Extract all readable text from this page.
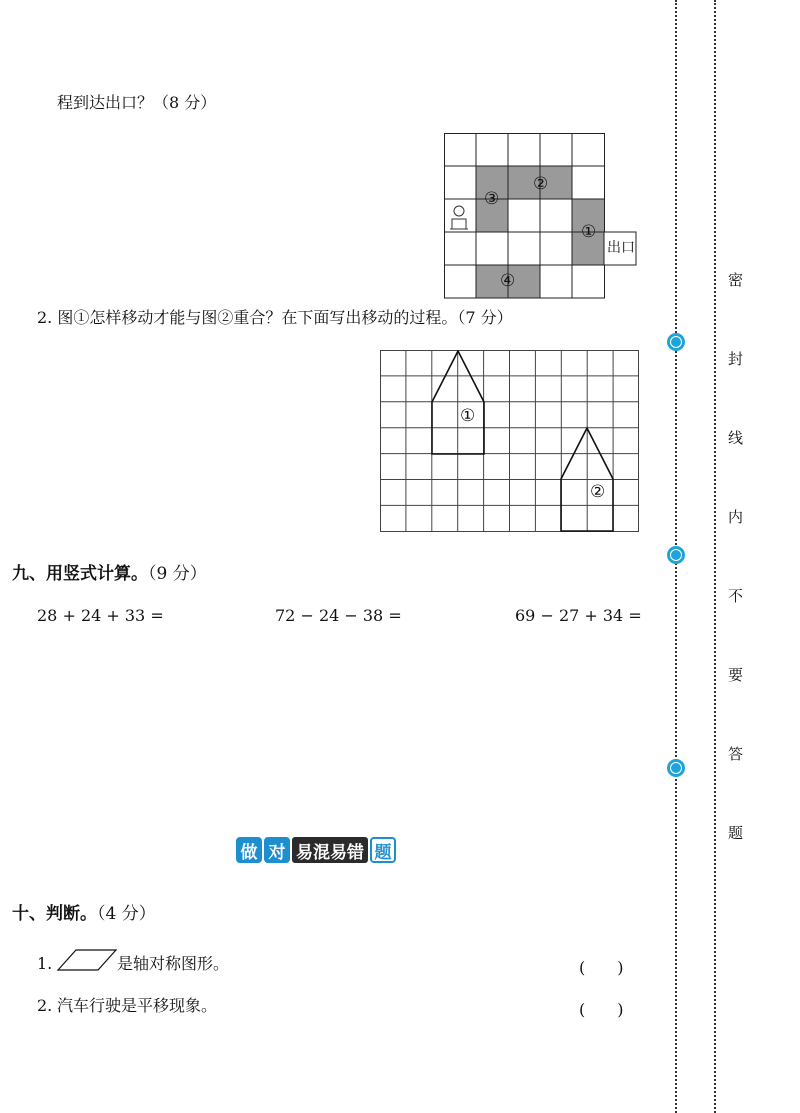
程到达出口？（8 分）
①
②
③
④
出口
2. 图①怎样移动才能与图②重合？在下面写出移动的过程。（7 分）
①
②
九、用竖式计算。（9 分）
28 + 24 + 33 =	72 − 24 − 38 =	69 − 27 + 34 =
做 对 易混易错 题
十、判断。（4 分）
1.	是轴对称图形。	(　　)
2. 汽车行驶是平移现象。	(　　)
密
封
线
内
不
要
答
题
